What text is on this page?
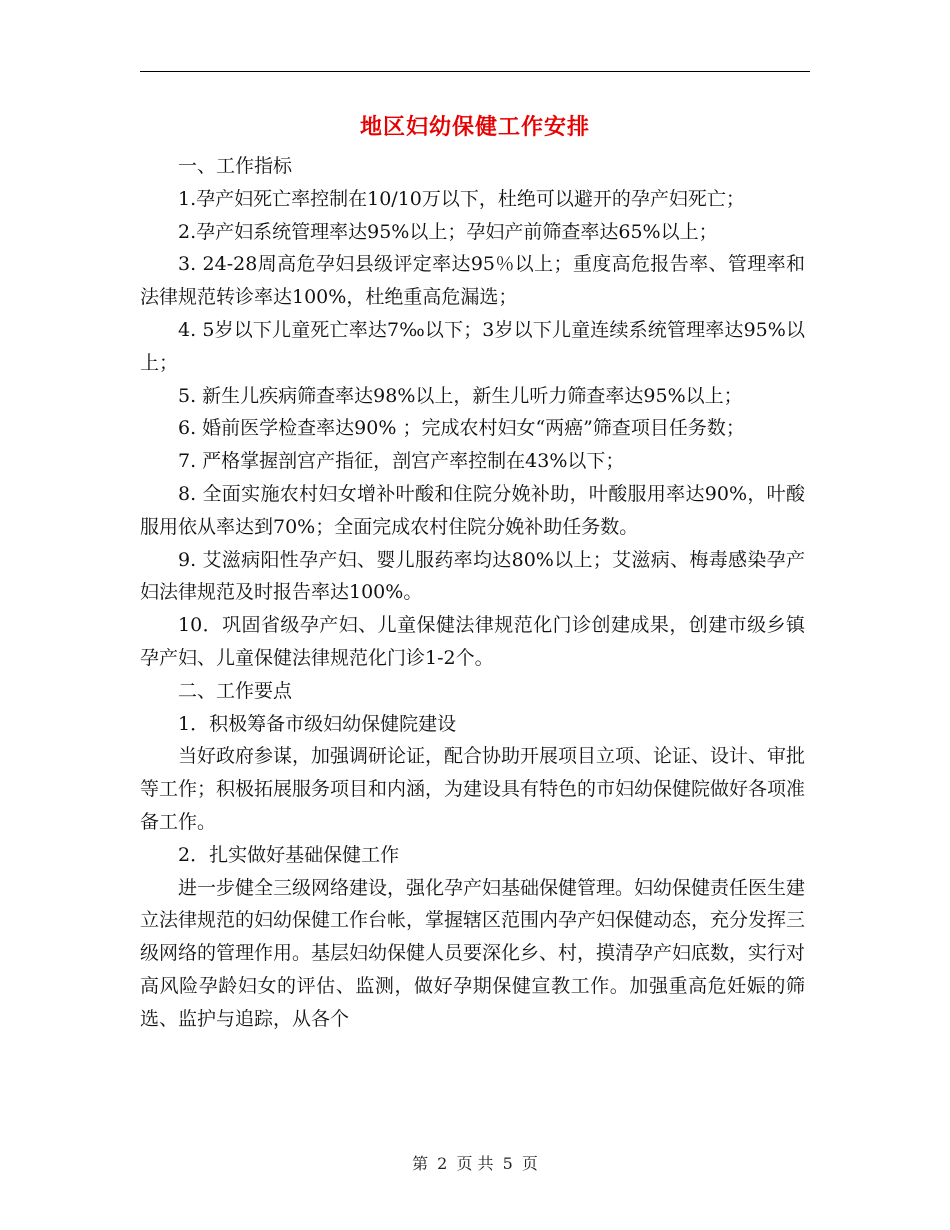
地区妇幼保健工作安排

一、工作指标

1.孕产妇死亡率控制在10/10万以下，杜绝可以避开的孕产妇死亡；

2.孕产妇系统管理率达95%以上；孕妇产前筛查率达65%以上；

3. 24-28周高危孕妇县级评定率达95％以上；重度高危报告率、管理率和法律规范转诊率达100%，杜绝重高危漏选；

4. 5岁以下儿童死亡率达7‰以下；3岁以下儿童连续系统管理率达95%以上；

5. 新生儿疾病筛查率达98%以上，新生儿听力筛查率达95%以上；

6. 婚前医学检查率达90% ；完成农村妇女“两癌”筛查项目任务数；

7. 严格掌握剖宫产指征，剖宫产率控制在43%以下；

8. 全面实施农村妇女增补叶酸和住院分娩补助，叶酸服用率达90%，叶酸服用依从率达到70%；全面完成农村住院分娩补助任务数。

9. 艾滋病阳性孕产妇、婴儿服药率均达80%以上；艾滋病、梅毒感染孕产妇法律规范及时报告率达100%。

10．巩固省级孕产妇、儿童保健法律规范化门诊创建成果，创建市级乡镇孕产妇、儿童保健法律规范化门诊1-2个。

二、工作要点

1．积极筹备市级妇幼保健院建设

当好政府参谋，加强调研论证，配合协助开展项目立项、论证、设计、审批等工作；积极拓展服务项目和内涵，为建设具有特色的市妇幼保健院做好各项准备工作。

2．扎实做好基础保健工作

进一步健全三级网络建设，强化孕产妇基础保健管理。妇幼保健责任医生建立法律规范的妇幼保健工作台帐，掌握辖区范围内孕产妇保健动态，充分发挥三级网络的管理作用。基层妇幼保健人员要深化乡、村，摸清孕产妇底数，实行对高风险孕龄妇女的评估、监测，做好孕期保健宣教工作。加强重高危妊娠的筛选、监护与追踪，从各个

第 2 页 共 5 页
